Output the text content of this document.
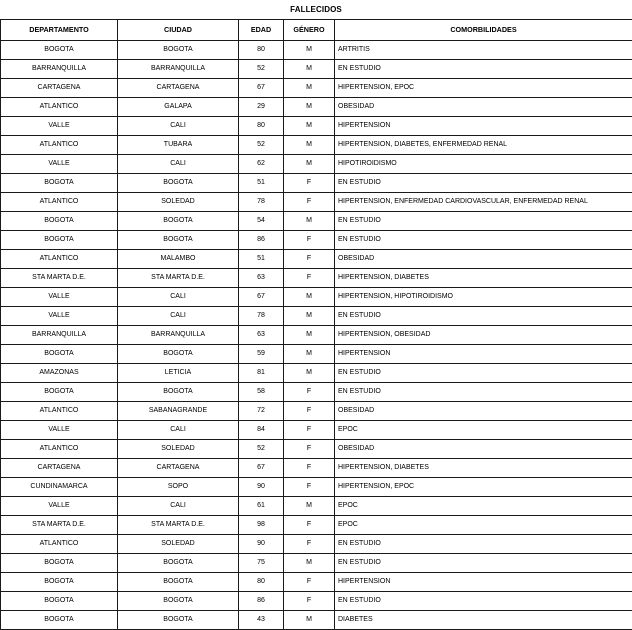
FALLECIDOS
DEPARTAMENTO	CIUDAD	EDAD	GÉNERO	COMORBILIDADES
BOGOTA	BOGOTA	80	M	ARTRITIS
BARRANQUILLA	BARRANQUILLA	52	M	EN ESTUDIO
CARTAGENA	CARTAGENA	67	M	HIPERTENSION, EPOC
ATLANTICO	GALAPA	29	M	OBESIDAD
VALLE	CALI	80	M	HIPERTENSION
ATLANTICO	TUBARA	52	M	HIPERTENSION, DIABETES, ENFERMEDAD RENAL
VALLE	CALI	62	M	HIPOTIROIDISMO
BOGOTA	BOGOTA	51	F	EN ESTUDIO
ATLANTICO	SOLEDAD	78	F	HIPERTENSION, ENFERMEDAD CARDIOVASCULAR, ENFERMEDAD RENAL
BOGOTA	BOGOTA	54	M	EN ESTUDIO
BOGOTA	BOGOTA	86	F	EN ESTUDIO
ATLANTICO	MALAMBO	51	F	OBESIDAD
STA MARTA D.E.	STA MARTA D.E.	63	F	HIPERTENSION, DIABETES
VALLE	CALI	67	M	HIPERTENSION, HIPOTIROIDISMO
VALLE	CALI	78	M	EN ESTUDIO
BARRANQUILLA	BARRANQUILLA	63	M	HIPERTENSION, OBESIDAD
BOGOTA	BOGOTA	59	M	HIPERTENSION
AMAZONAS	LETICIA	81	M	EN ESTUDIO
BOGOTA	BOGOTA	58	F	EN ESTUDIO
ATLANTICO	SABANAGRANDE	72	F	OBESIDAD
VALLE	CALI	84	F	EPOC
ATLANTICO	SOLEDAD	52	F	OBESIDAD
CARTAGENA	CARTAGENA	67	F	HIPERTENSION, DIABETES
CUNDINAMARCA	SOPO	90	F	HIPERTENSION, EPOC
VALLE	CALI	61	M	EPOC
STA MARTA D.E.	STA MARTA D.E.	98	F	EPOC
ATLANTICO	SOLEDAD	90	F	EN ESTUDIO
BOGOTA	BOGOTA	75	M	EN ESTUDIO
BOGOTA	BOGOTA	80	F	HIPERTENSION
BOGOTA	BOGOTA	86	F	EN ESTUDIO
BOGOTA	BOGOTA	43	M	DIABETES
